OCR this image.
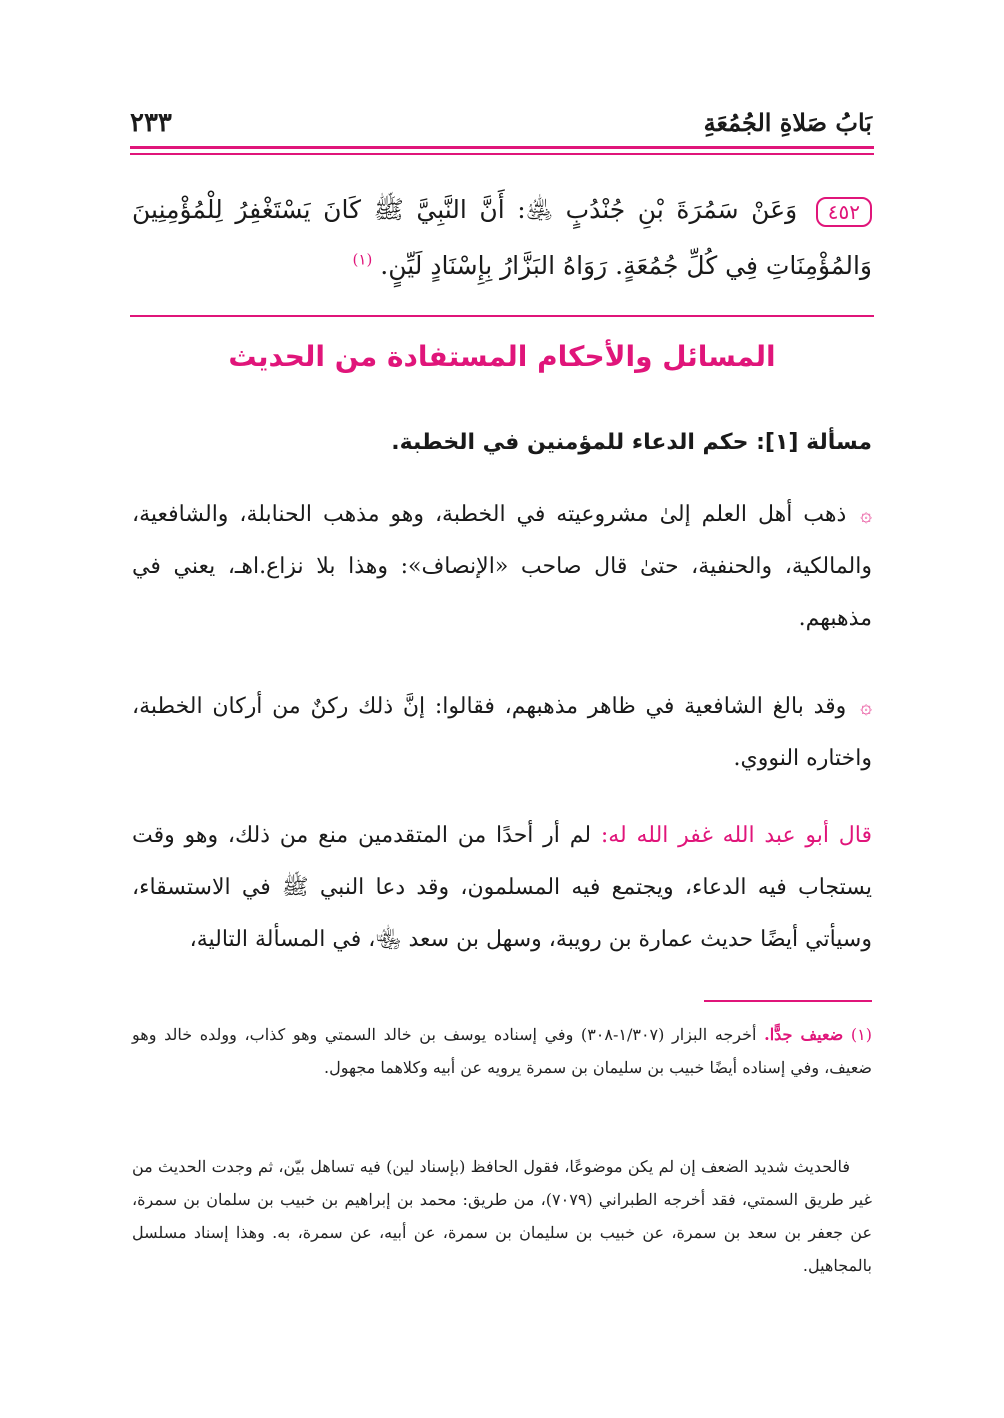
بَابُ صَلاةِ الجُمُعَةِ
٢٣٣
٤٥٢ وَعَنْ سَمُرَةَ بْنِ جُنْدُبٍ ﵁: أَنَّ النَّبِيَّ ﷺ كَانَ يَسْتَغْفِرُ لِلْمُؤْمِنِينَ وَالمُؤْمِنَاتِ فِي كُلِّ جُمُعَةٍ. رَوَاهُ البَزَّارُ بِإِسْنَادٍ لَيِّنٍ. $^{(١)}$
المسائل والأحكام المستفادة من الحديث
مسألة [١]: حكم الدعاء للمؤمنين في الخطبة.
۞ذهب أهل العلم إلىٰ مشروعيته في الخطبة، وهو مذهب الحنابلة، والشافعية، والمالكية، والحنفية، حتىٰ قال صاحب «الإنصاف»: وهذا بلا نزاع.اهـ، يعني في مذهبهم.
۞وقد بالغ الشافعية في ظاهر مذهبهم، فقالوا: إنَّ ذلك ركنٌ من أركان الخطبة، واختاره النووي.
قال أبو عبد الله غفر الله له: لم أر أحدًا من المتقدمين منع من ذلك، وهو وقت يستجاب فيه الدعاء، ويجتمع فيه المسلمون، وقد دعا النبي ﷺ في الاستسقاء، وسيأتي أيضًا حديث عمارة بن رويبة، وسهل بن سعد ﵄، في المسألة التالية،
(١) ضعيف جدًّا. أخرجه البزار (١/٣٠٧-٣٠٨) وفي إسناده يوسف بن خالد السمتي وهو كذاب، وولده خالد وهو ضعيف، وفي إسناده أيضًا خبيب بن سليمان بن سمرة يرويه عن أبيه وكلاهما مجهول.
فالحديث شديد الضعف إن لم يكن موضوعًا، فقول الحافظ (بإسناد لين) فيه تساهل بيّن، ثم وجدت الحديث من غير طريق السمتي، فقد أخرجه الطبراني (٧٠٧٩)، من طريق: محمد بن إبراهيم بن خبيب بن سلمان بن سمرة، عن جعفر بن سعد بن سمرة، عن خبيب بن سليمان بن سمرة، عن أبيه، عن سمرة، به. وهذا إسناد مسلسل بالمجاهيل.
